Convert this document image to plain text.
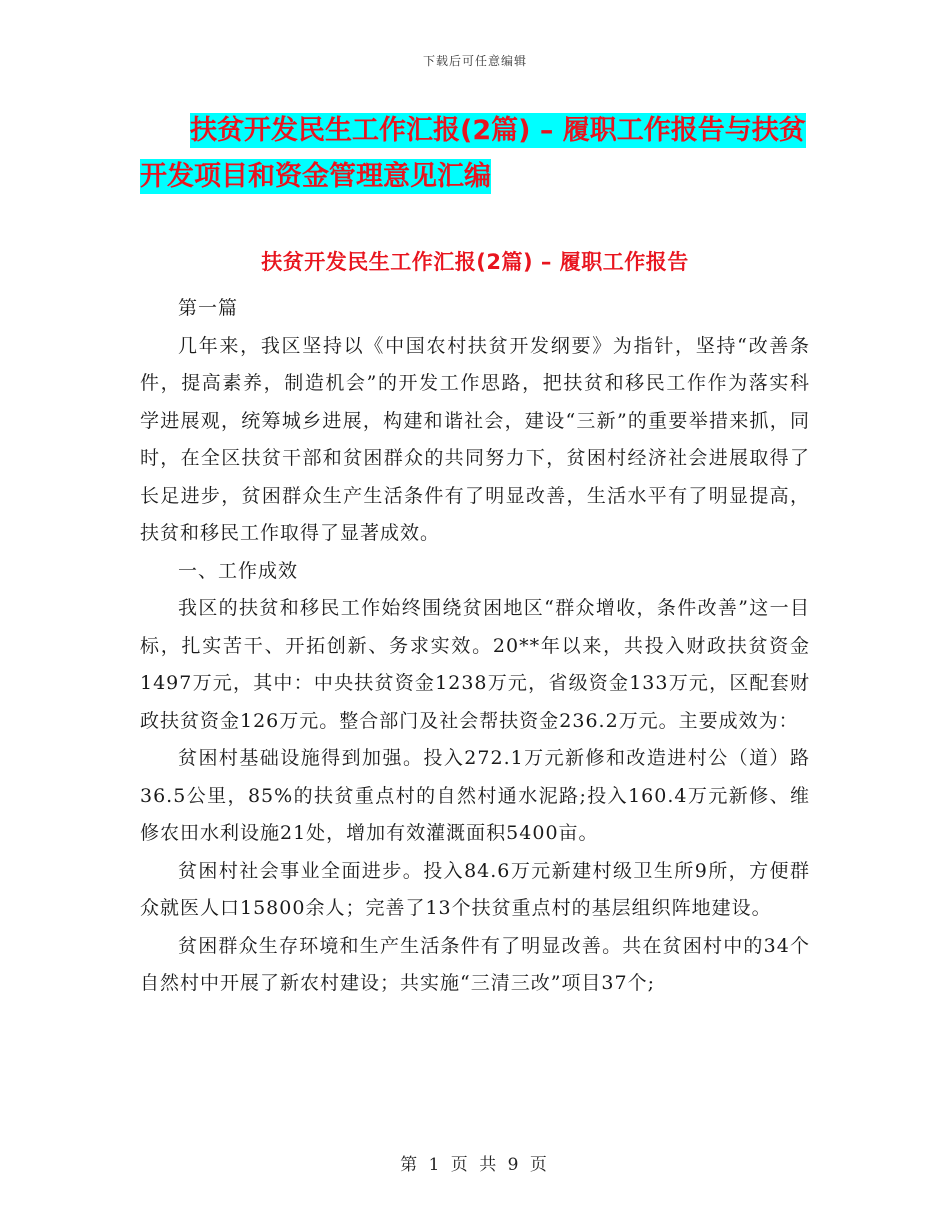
下载后可任意编辑
扶贫开发民生工作汇报(2篇) – 履职工作报告与扶贫
开发项目和资金管理意见汇编
扶贫开发民生工作汇报(2篇) – 履职工作报告

第一篇

几年来，我区坚持以《中国农村扶贫开发纲要》为指针，坚持“改善条件，提高素养，制造机会”的开发工作思路，把扶贫和移民工作作为落实科学进展观，统筹城乡进展，构建和谐社会，建设“三新”的重要举措来抓，同时，在全区扶贫干部和贫困群众的共同努力下，贫困村经济社会进展取得了长足进步，贫困群众生产生活条件有了明显改善，生活水平有了明显提高，扶贫和移民工作取得了显著成效。

一、工作成效

我区的扶贫和移民工作始终围绕贫困地区“群众增收，条件改善”这一目标，扎实苦干、开拓创新、务求实效。20**年以来，共投入财政扶贫资金1497万元，其中：中央扶贫资金1238万元，省级资金133万元，区配套财政扶贫资金126万元。整合部门及社会帮扶资金236.2万元。主要成效为：

贫困村基础设施得到加强。投入272.1万元新修和改造进村公（道）路36.5公里，85%的扶贫重点村的自然村通水泥路;投入160.4万元新修、维修农田水利设施21处，增加有效灌溉面积5400亩。

贫困村社会事业全面进步。投入84.6万元新建村级卫生所9所，方便群众就医人口15800余人；完善了13个扶贫重点村的基层组织阵地建设。

贫困群众生存环境和生产生活条件有了明显改善。共在贫困村中的34个自然村中开展了新农村建设；共实施“三清三改”项目37个;

第 1 页 共 9 页
